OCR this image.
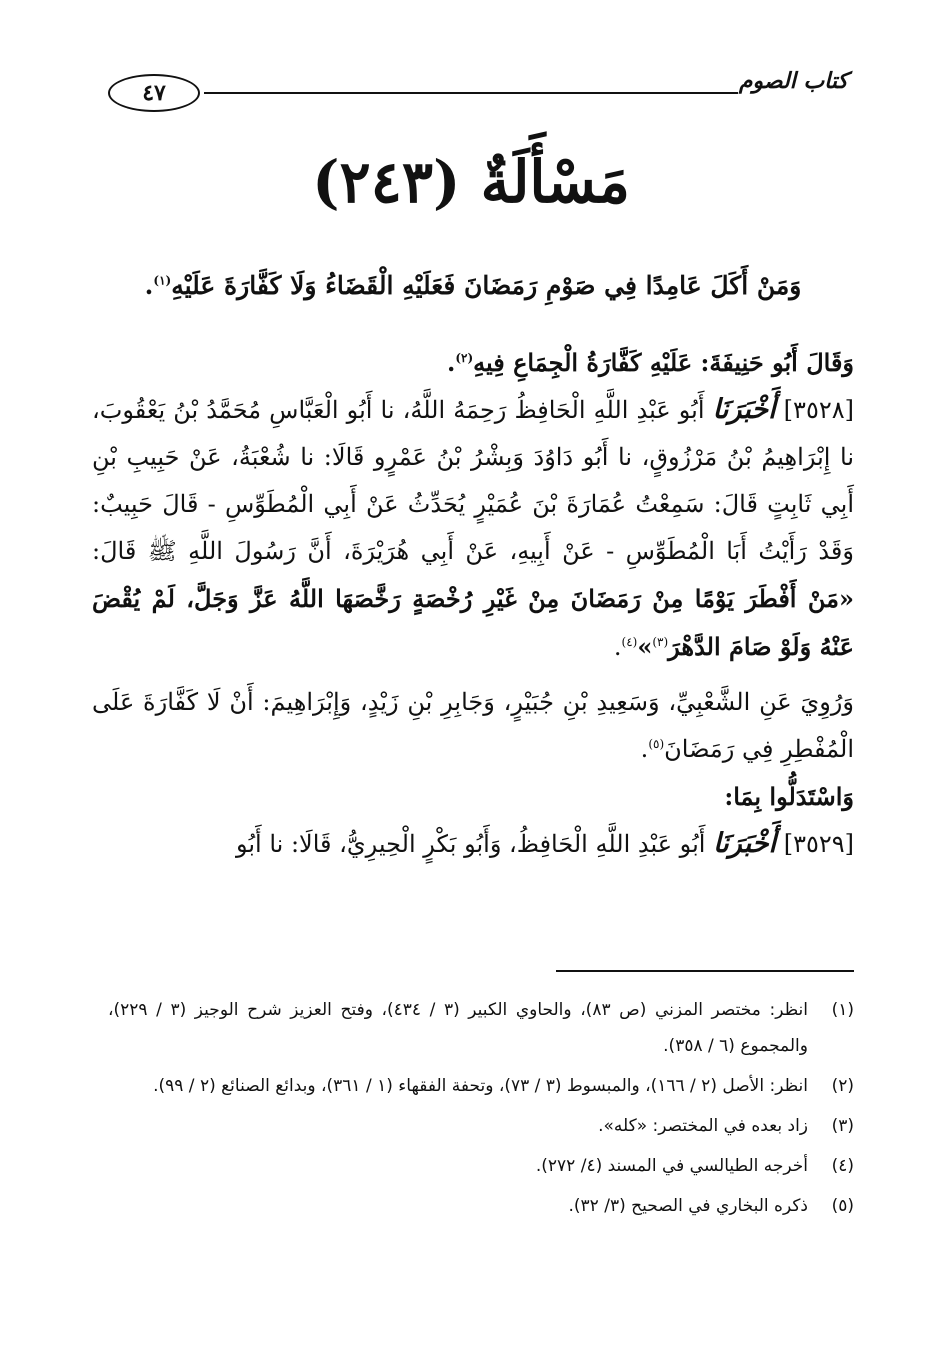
٤٧	كتاب الصوم
مَسْأَلَةٌ (٢٤٣)

وَمَنْ أَكَلَ عَامِدًا فِي صَوْمِ رَمَضَانَ فَعَلَيْهِ الْقَضَاءُ وَلَا كَفَّارَةَ عَلَيْهِ$^{(١)}$.

وَقَالَ أَبُو حَنِيفَةَ: عَلَيْهِ كَفَّارَةُ الْجِمَاعِ فِيهِ$^{(٢)}$.

[٣٥٢٨] أَخْبَرَنَا أَبُو عَبْدِ اللَّهِ الْحَافِظُ رَحِمَهُ اللَّهُ، نا أَبُو الْعَبَّاسِ مُحَمَّدُ بْنُ يَعْقُوبَ، نا إِبْرَاهِيمُ بْنُ مَرْزُوقٍ، نا أَبُو دَاوُدَ وَبِشْرُ بْنُ عَمْرٍو قَالَا: نا شُعْبَةُ، عَنْ حَبِيبِ بْنِ أَبِي ثَابِتٍ قَالَ: سَمِعْتُ عُمَارَةَ بْنَ عُمَيْرٍ يُحَدِّثُ عَنْ أَبِي الْمُطَوِّسِ - قَالَ حَبِيبٌ: وَقَدْ رَأَيْتُ أَبَا الْمُطَوِّسِ - عَنْ أَبِيهِ، عَنْ أَبِي هُرَيْرَةَ، أَنَّ رَسُولَ اللَّهِ ﷺ قَالَ: «مَنْ أَفْطَرَ يَوْمًا مِنْ رَمَضَانَ مِنْ غَيْرِ رُخْصَةٍ رَخَّصَهَا اللَّهُ عَزَّ وَجَلَّ، لَمْ يُقْضَ عَنْهُ وَلَوْ صَامَ الدَّهْرَ$^{(٣)}$»$^{(٤)}$.

وَرُوِيَ عَنِ الشَّعْبِيِّ، وَسَعِيدِ بْنِ جُبَيْرٍ، وَجَابِرِ بْنِ زَيْدٍ، وَإِبْرَاهِيمَ: أَنْ لَا كَفَّارَةَ عَلَى الْمُفْطِرِ فِي رَمَضَانَ$^{(٥)}$.

وَاسْتَدَلُّوا بِمَا:

[٣٥٢٩] أَخْبَرَنَا أَبُو عَبْدِ اللَّهِ الْحَافِظُ، وَأَبُو بَكْرٍ الْحِيرِيُّ، قَالَا: نا أَبُو

(١)
انظر: مختصر المزني (ص ٨٣)، والحاوي الكبير (٣ / ٤٣٤)، وفتح العزيز شرح الوجيز (٣ / ٢٢٩)، والمجموع (٦ / ٣٥٨).
(٢)
انظر: الأصل (٢ / ١٦٦)، والمبسوط (٣ / ٧٣)، وتحفة الفقهاء (١ / ٣٦١)، وبدائع الصنائع (٢ / ٩٩).
(٣)
زاد بعده في المختصر: «كله».
(٤)
أخرجه الطيالسي في المسند (٤/ ٢٧٢).
(٥)
ذكره البخاري في الصحيح (٣/ ٣٢).
